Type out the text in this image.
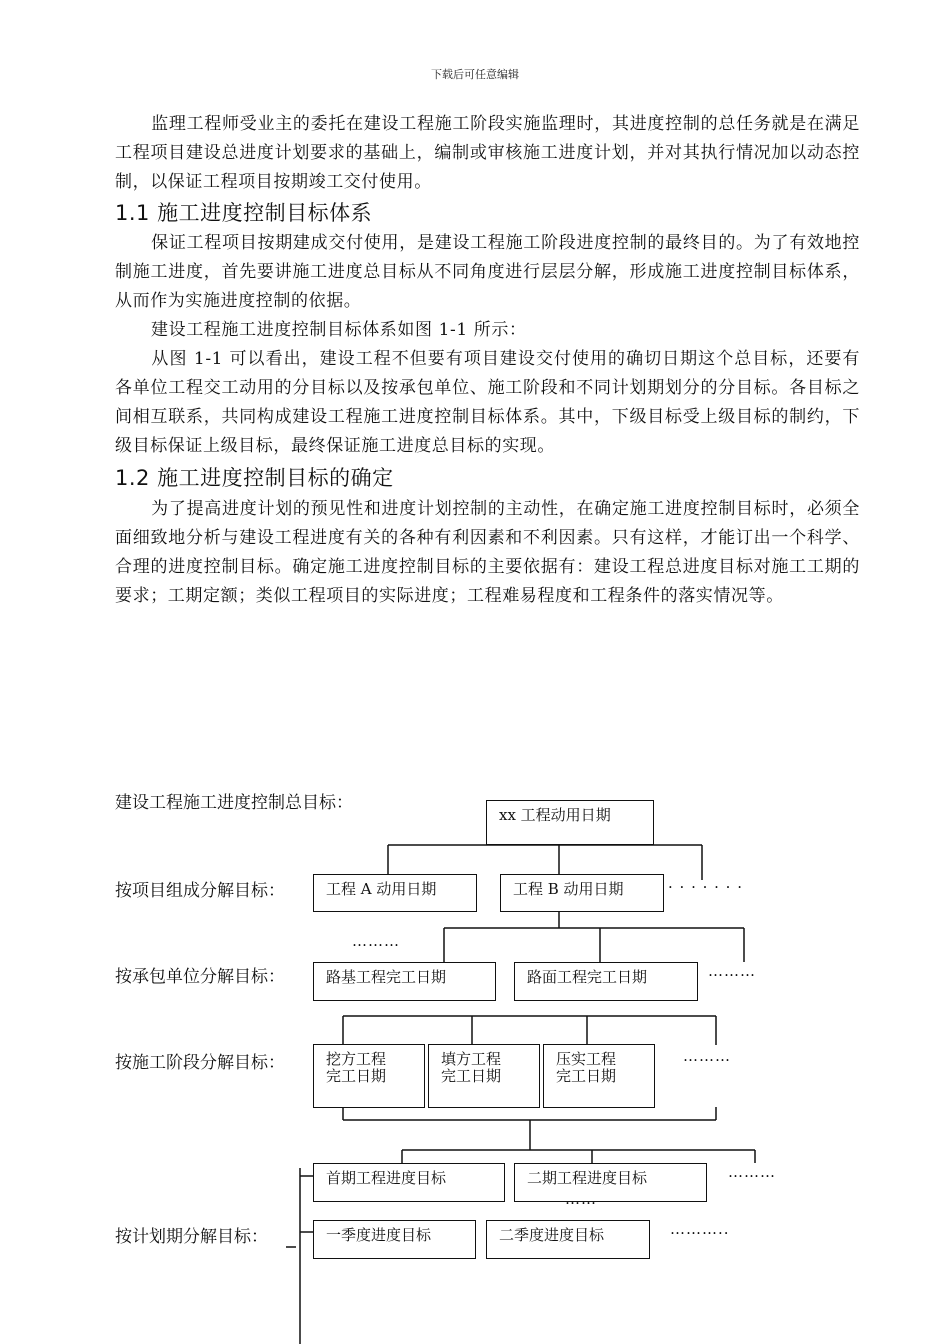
下载后可任意编辑

监理工程师受业主的委托在建设工程施工阶段实施监理时，其进度控制的总任务就是在满足工程项目建设总进度计划要求的基础上，编制或审核施工进度计划，并对其执行情况加以动态控制，以保证工程项目按期竣工交付使用。

1.1 施工进度控制目标体系

保证工程项目按期建成交付使用，是建设工程施工阶段进度控制的最终目的。为了有效地控制施工进度，首先要讲施工进度总目标从不同角度进行层层分解，形成施工进度控制目标体系，从而作为实施进度控制的依据。

建设工程施工进度控制目标体系如图 1-1 所示：

从图 1-1 可以看出，建设工程不但要有项目建设交付使用的确切日期这个总目标，还要有各单位工程交工动用的分目标以及按承包单位、施工阶段和不同计划期划分的分目标。各目标之间相互联系，共同构成建设工程施工进度控制目标体系。其中，下级目标受上级目标的制约，下级目标保证上级目标，最终保证施工进度总目标的实现。

1.2 施工进度控制目标的确定

为了提高进度计划的预见性和进度计划控制的主动性，在确定施工进度控制目标时，必须全面细致地分析与建设工程进度有关的各种有利因素和不利因素。只有这样，才能订出一个科学、合理的进度控制目标。确定施工进度控制目标的主要依据有：建设工程总进度目标对施工工期的要求；工期定额；类似工程项目的实际进度；工程难易程度和工程条件的落实情况等。

建设工程施工进度控制总目标：
按项目组成分解目标：
按承包单位分解目标：
按施工阶段分解目标：
按计划期分解目标：
xx 工程动用日期
工程 A 动用日期	工程 B 动用日期
路基工程完工日期	路面工程完工日期
挖方工程
完工日期
填方工程
完工日期
压实工程
完工日期
首期工程进度目标	二期工程进度目标
一季度进度目标	二季度进度目标
· · · · · · ·
………
………
………
………
……
………..
